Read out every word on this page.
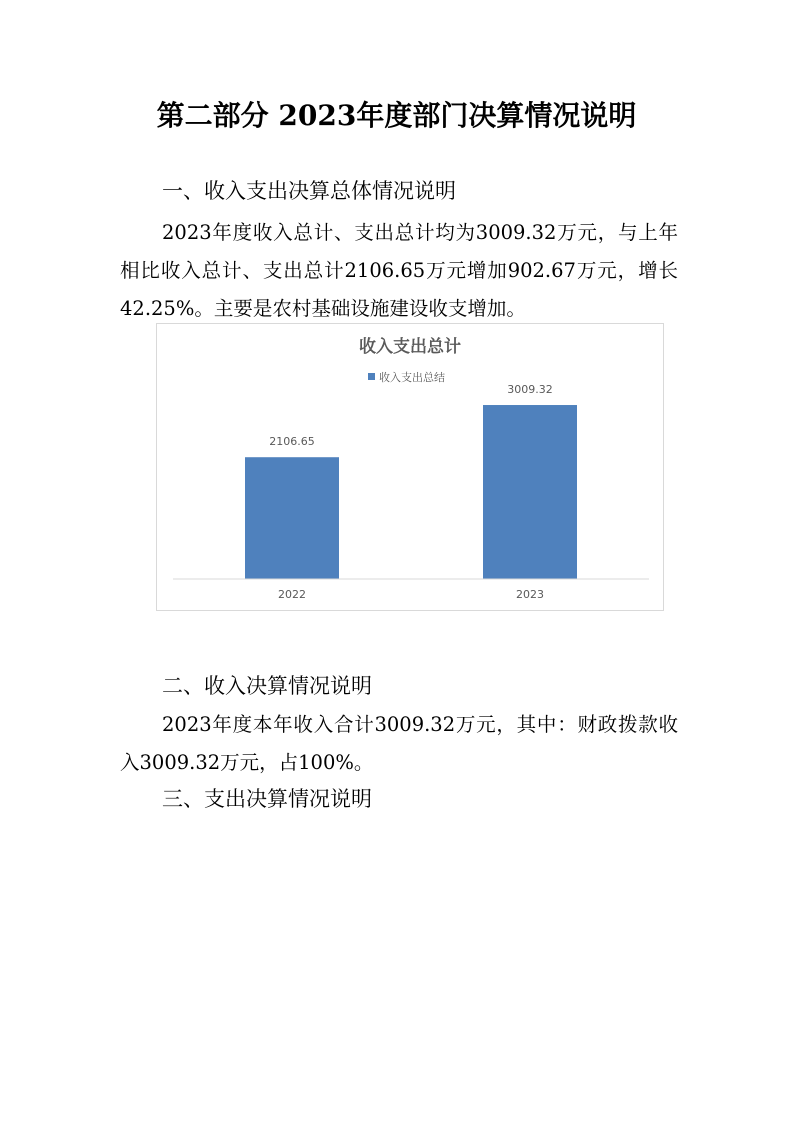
第二部分 2023年度部门决算情况说明
一、收入支出决算总体情况说明
2023年度收入总计、支出总计均为3009.32万元，与上年相比收入总计、支出总计2106.65万元增加902.67万元，增长42.25%。主要是农村基础设施建设收支增加。
收入支出总计
收入支出总结
2106.65
2022
3009.32
2023
二、收入决算情况说明
2023年度本年收入合计3009.32万元，其中：财政拨款收入3009.32万元，占100%。
三、支出决算情况说明
